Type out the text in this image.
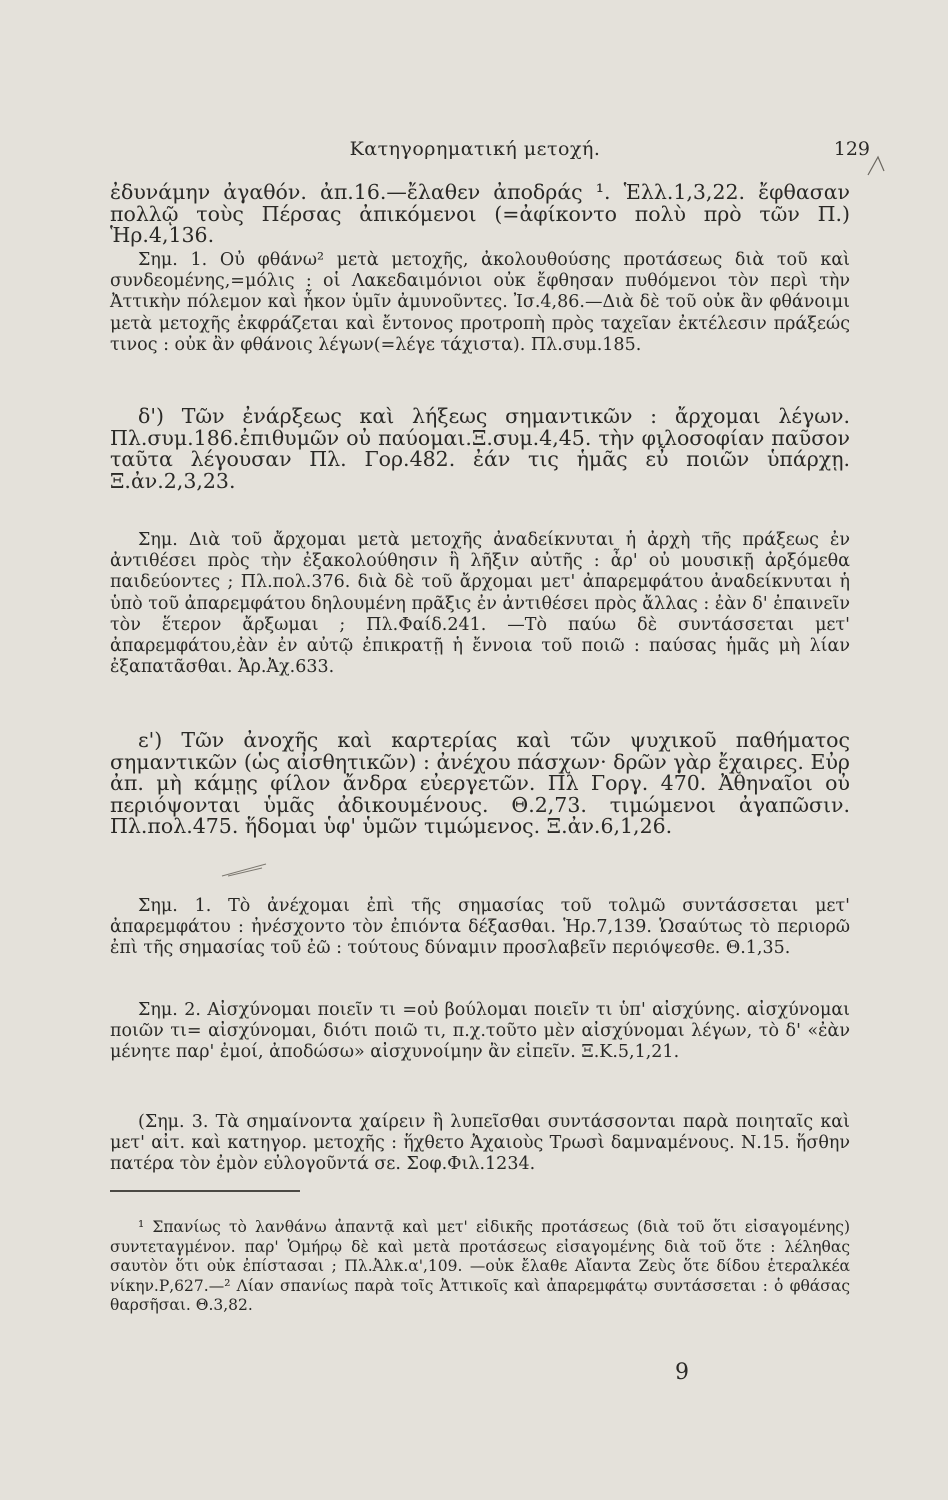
Κατηγορηματική μετοχή.	129

ἐδυνάμην ἀγαθόν. ἀπ.16.—ἔλαθεν ἀποδράς ¹. Ἑλλ.1,3,22. ἔφθασαν πολλῷ τοὺς Πέρσας ἀπικόμενοι (=ἀφίκοντο πολὺ πρὸ τῶν Π.) Ἡρ.4,136.

Σημ. 1. Οὐ φθάνω² μετὰ μετοχῆς, ἀκολουθούσης προτάσεως διὰ τοῦ καὶ συνδεομένης,=μόλις : οἱ Λακεδαιμόνιοι οὐκ ἔφθησαν πυθόμενοι τὸν περὶ τὴν Ἀττικὴν πόλεμον καὶ ἧκον ὑμῖν ἀμυνοῦντες. Ἰσ.4,86.—Διὰ δὲ τοῦ οὐκ ἂν φθάνοιμι μετὰ μετοχῆς ἐκφράζεται καὶ ἔντονος προτροπὴ πρὸς ταχεῖαν ἐκτέλεσιν πράξεώς τινος : οὐκ ἂν φθάνοις λέγων(=λέγε τάχιστα). Πλ.συμ.185.

δ') Τῶν ἐνάρξεως καὶ λήξεως σημαντικῶν : ἄρχομαι λέγων. Πλ.συμ.186.ἐπιθυμῶν οὐ παύομαι.Ξ.συμ.4,45. τὴν φιλοσοφίαν παῦσον ταῦτα λέγουσαν Πλ. Γορ.482. ἐάν τις ἡμᾶς εὖ ποιῶν ὑπάρχῃ. Ξ.ἀν.2,3,23.

Σημ. Διὰ τοῦ ἄρχομαι μετὰ μετοχῆς ἀναδείκνυται ἡ ἀρχὴ τῆς πράξεως ἐν ἀντιθέσει πρὸς τὴν ἐξακολούθησιν ἢ λῆξιν αὐτῆς : ἆρ' οὐ μουσικῇ ἀρξόμεθα παιδεύοντες ; Πλ.πολ.376. διὰ δὲ τοῦ ἄρχομαι μετ' ἀπαρεμφάτου ἀναδείκνυται ἡ ὑπὸ τοῦ ἀπαρεμφάτου δηλουμένη πρᾶξις ἐν ἀντιθέσει πρὸς ἄλλας : ἐὰν δ' ἐπαινεῖν τὸν ἕτερον ἄρξωμαι ; Πλ.Φαίδ.241. —Τὸ παύω δὲ συντάσσεται μετ' ἀπαρεμφάτου,ἐὰν ἐν αὐτῷ ἐπικρατῇ ἡ ἔννοια τοῦ ποιῶ : παύσας ἡμᾶς μὴ λίαν ἐξαπατᾶσθαι. Ἀρ.Ἀχ.633.

ε') Τῶν ἀνοχῆς καὶ καρτερίας καὶ τῶν ψυχικοῦ παθήματος σημαντικῶν (ὡς αἰσθητικῶν) : ἀνέχου πάσχων· δρῶν γὰρ ἔχαιρες. Εὐρ ἀπ. μὴ κάμῃς φίλον ἄνδρα εὐεργετῶν. Πλ Γοργ. 470. Ἀθηναῖοι οὐ περιόψονται ὑμᾶς ἀδικουμένους. Θ.2,73. τιμώμενοι ἀγαπῶσιν. Πλ.πολ.475. ἥδομαι ὑφ' ὑμῶν τιμώμενος. Ξ.ἀν.6,1,26.

Σημ. 1. Τὸ ἀνέχομαι ἐπὶ τῆς σημασίας τοῦ τολμῶ συντάσσεται μετ' ἀπαρεμφάτου : ἠνέσχοντο τὸν ἐπιόντα δέξασθαι. Ἡρ.7,139. Ὡσαύτως τὸ περιορῶ ἐπὶ τῆς σημασίας τοῦ ἐῶ : τούτους δύναμιν προσλαβεῖν περιόψεσθε. Θ.1,35.

Σημ. 2. Αἰσχύνομαι ποιεῖν τι =οὐ βούλομαι ποιεῖν τι ὑπ' αἰσχύνης. αἰσχύνομαι ποιῶν τι= αἰσχύνομαι, διότι ποιῶ τι, π.χ.τοῦτο μὲν αἰσχύνομαι λέγων, τὸ δ' «ἐὰν μένητε παρ' ἐμοί, ἀποδώσω» αἰσχυνοίμην ἂν εἰπεῖν. Ξ.Κ.5,1,21.

(Σημ. 3. Τὰ σημαίνοντα χαίρειν ἢ λυπεῖσθαι συντάσσονται παρὰ ποιηταῖς καὶ μετ' αἰτ. καὶ κατηγορ. μετοχῆς : ἥχθετο Ἀχαιοὺς Τρωσὶ δαμναμένους. Ν.15. ἥσθην πατέρα τὸν ἐμὸν εὐλογοῦντά σε. Σοφ.Φιλ.1234.

¹ Σπανίως τὸ λανθάνω ἀπαντᾷ καὶ μετ' εἰδικῆς προτάσεως (διὰ τοῦ ὅτι εἰσαγομένης) συντεταγμένον. παρ' Ὁμήρῳ δὲ καὶ μετὰ προτάσεως εἰσαγομένης διὰ τοῦ ὅτε : λέληθας σαυτὸν ὅτι οὐκ ἐπίστασαι ; Πλ.Ἀλκ.α',109. —οὐκ ἔλαθε Αἴαντα Ζεὺς ὅτε δίδου ἑτεραλκέα νίκην.Ρ,627.—² Λίαν σπανίως παρὰ τοῖς Ἀττικοῖς καὶ ἀπαρεμφάτῳ συντάσσεται : ὁ φθάσας θαρσῆσαι. Θ.3,82.

9
